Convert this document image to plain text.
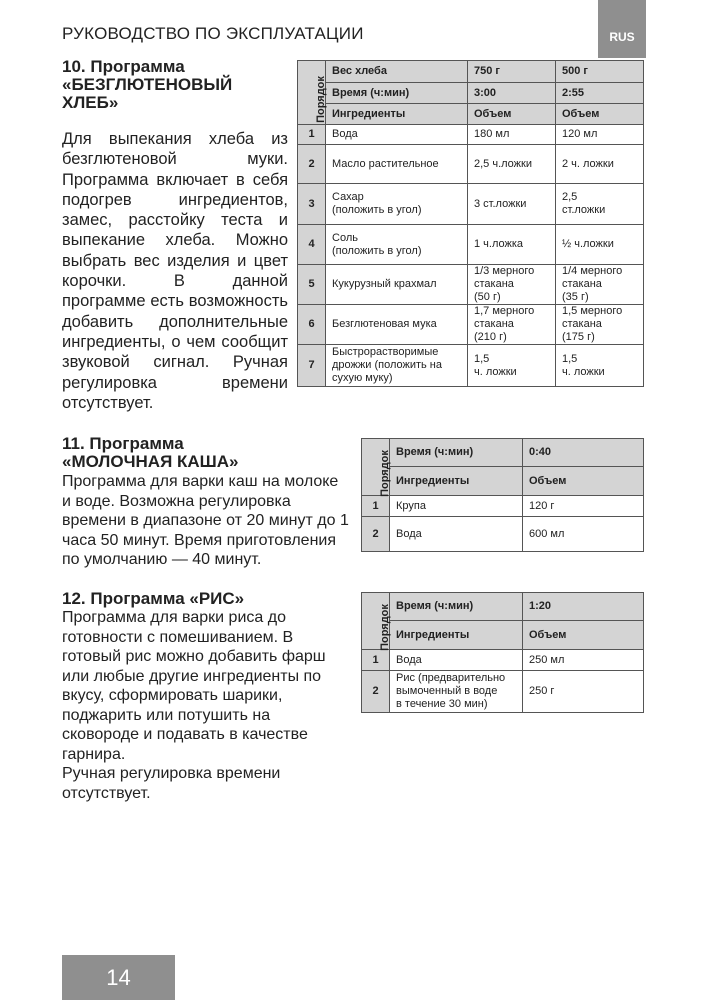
РУКОВОДСТВО ПО ЭКСПЛУАТАЦИИ	RUS
10. Программа
«БЕЗГЛЮТЕНОВЫЙ
ХЛЕБ»
Для выпекания хлеба из безглютеновой муки. Программа включает в себя подогрев ингредиентов, замес, расстойку теста и выпекание хлеба. Можно выбрать вес изделия и цвет корочки. В данной программе есть возможность добавить дополнительные ингредиенты, о чем сообщит звуковой сигнал. Ручная регулировка времени отсутствует.

Порядок	Вес хлеба	750 г	500 г
	Время (ч:мин)	3:00	2:55
	Ингредиенты	Объем	Объем
1	Вода	180 мл	120 мл
2	Масло растительное	2,5 ч.ложки	2 ч. ложки
3	Сахар
(положить в угол)	3 ст.ложки	2,5
ст.ложки
4	Соль
(положить в угол)	1 ч.ложка	½ ч.ложки
5	Кукурузный крахмал	1/3 мерного
стакана
(50 г)	1/4 мерного
стакана
(35 г)
6	Безглютеновая мука	1,7 мерного
стакана
(210 г)	1,5 мерного
стакана
(175 г)
7	Быстрорастворимые
дрожжи (положить на
сухую муку)	1,5
ч. ложки	1,5
ч. ложки
11. Программа
«МОЛОЧНАЯ КАША»
Программа для варки каш на молоке и воде. Возможна регулировка времени в диапазоне от 20 минут до 1 часа 50 минут. Время приготовления по умолчанию — 40 минут.

Порядок	Время (ч:мин)	0:40
	Ингредиенты	Объем
1	Крупа	120 г
2	Вода	600 мл
12. Программа «РИС»
Программа для варки риса до готовности с помешиванием. В готовый рис можно добавить фарш или любые другие ингредиенты по вкусу, сформировать шарики, поджарить или потушить на сковороде и подавать в качестве гарнира.
Ручная регулировка времени отсутствует.

Порядок	Время (ч:мин)	1:20
	Ингредиенты	Объем
1	Вода	250 мл
2	Рис (предварительно
вымоченный в воде
в течение 30 мин)	250 г
14
